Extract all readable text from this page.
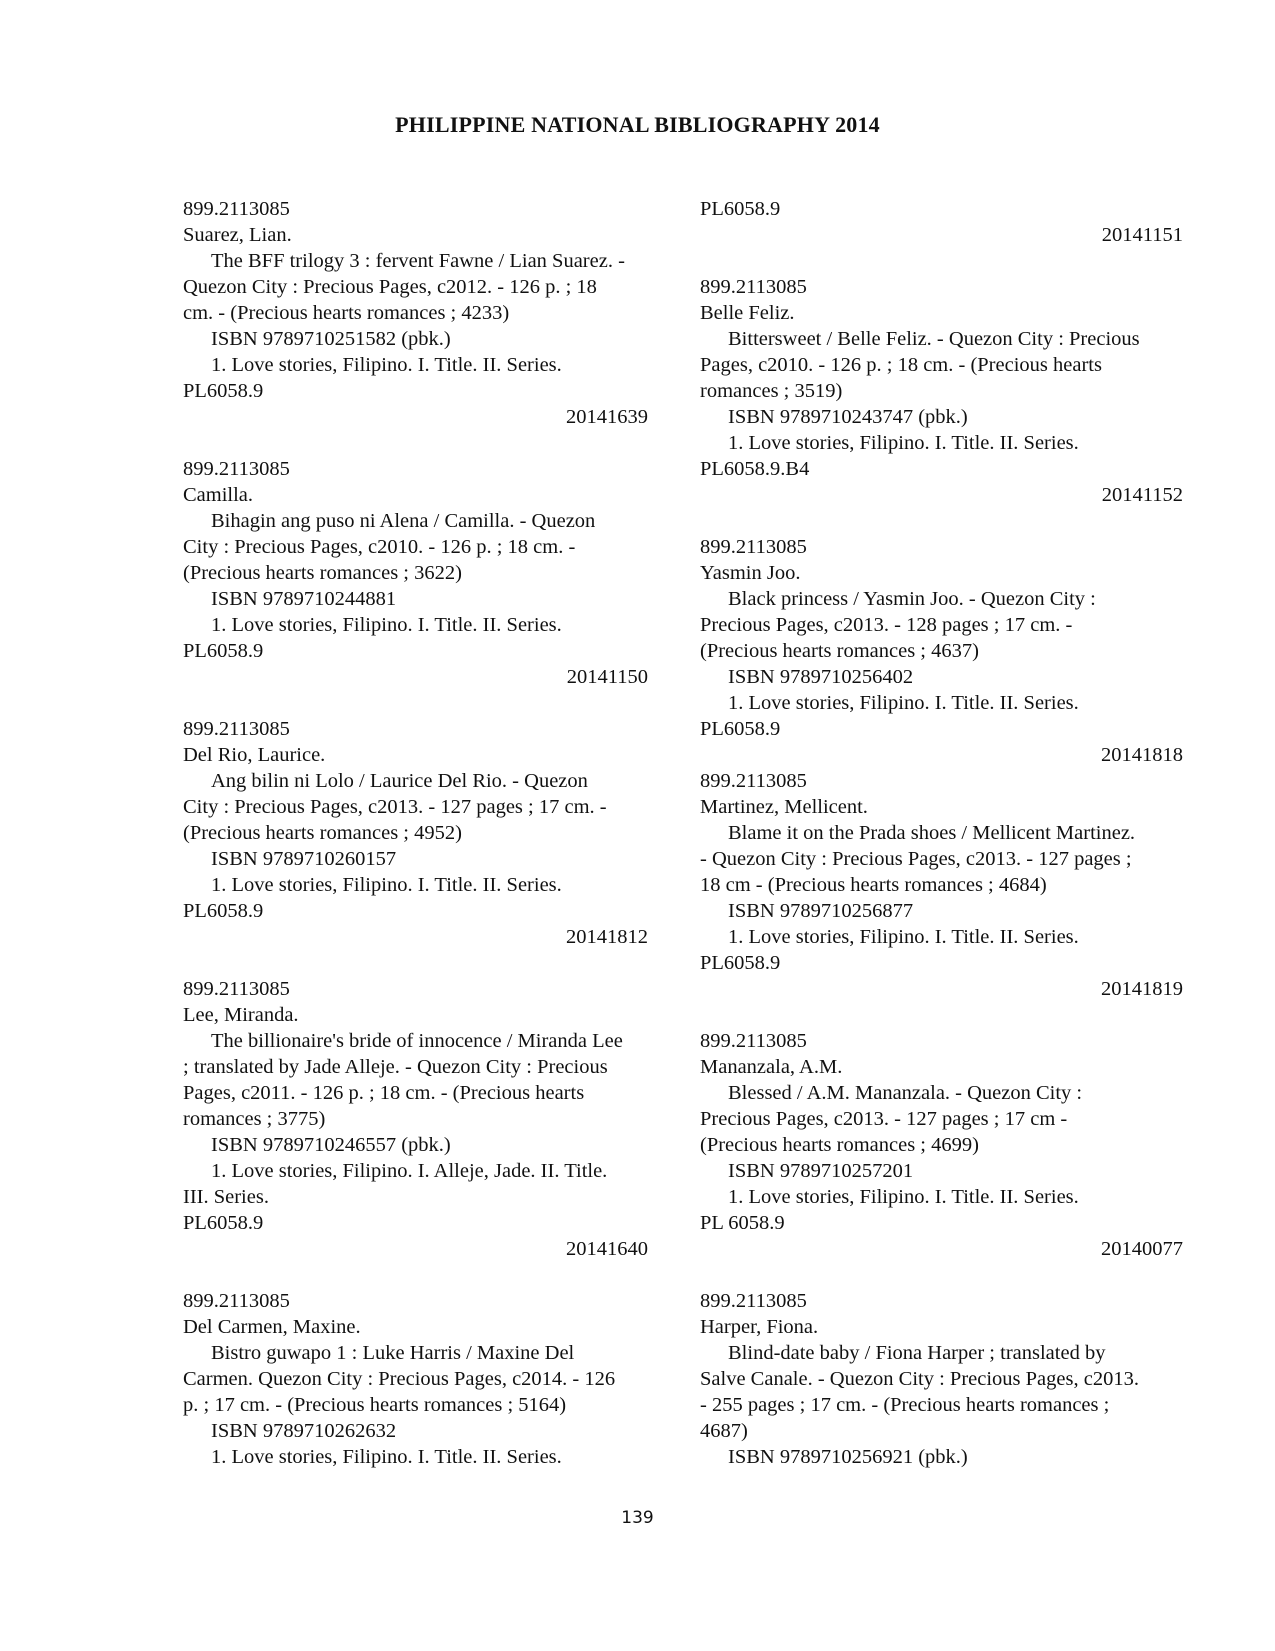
PHILIPPINE NATIONAL BIBLIOGRAPHY 2014
899.2113085
Suarez, Lian.
The BFF trilogy 3 : fervent Fawne / Lian Suarez. -
Quezon City : Precious Pages, c2012. - 126 p. ; 18
cm. - (Precious hearts romances ; 4233)
ISBN 9789710251582 (pbk.)
1. Love stories, Filipino. I. Title. II. Series.
PL6058.9
20141639
899.2113085
Camilla.
Bihagin ang puso ni Alena / Camilla. - Quezon
City : Precious Pages, c2010. - 126 p. ; 18 cm. -
(Precious hearts romances ; 3622)
ISBN 9789710244881
1. Love stories, Filipino. I. Title. II. Series.
PL6058.9
20141150
899.2113085
Del Rio, Laurice.
Ang bilin ni Lolo / Laurice Del Rio. - Quezon
City : Precious Pages, c2013. - 127 pages ; 17 cm. -
(Precious hearts romances ; 4952)
ISBN 9789710260157
1. Love stories, Filipino. I. Title. II. Series.
PL6058.9
20141812
899.2113085
Lee, Miranda.
The billionaire's bride of innocence / Miranda Lee
; translated by Jade Alleje. - Quezon City : Precious
Pages, c2011. - 126 p. ; 18 cm. - (Precious hearts
romances ; 3775)
ISBN 9789710246557 (pbk.)
1. Love stories, Filipino. I. Alleje, Jade. II. Title.
III. Series.
PL6058.9
20141640
899.2113085
Del Carmen, Maxine.
Bistro guwapo 1 : Luke Harris / Maxine Del
Carmen. Quezon City : Precious Pages, c2014. - 126
p. ; 17 cm. - (Precious hearts romances ; 5164)
ISBN 9789710262632
1. Love stories, Filipino. I. Title. II. Series.
PL6058.9
20141151
899.2113085
Belle Feliz.
Bittersweet / Belle Feliz. - Quezon City : Precious
Pages, c2010. - 126 p. ; 18 cm. - (Precious hearts
romances ; 3519)
ISBN 9789710243747 (pbk.)
1. Love stories, Filipino. I. Title. II. Series.
PL6058.9.B4
20141152
899.2113085
Yasmin Joo.
Black princess / Yasmin Joo. - Quezon City :
Precious Pages, c2013. - 128 pages ; 17 cm. -
(Precious hearts romances ; 4637)
ISBN 9789710256402
1. Love stories, Filipino. I. Title. II. Series.
PL6058.9
20141818
899.2113085
Martinez, Mellicent.
Blame it on the Prada shoes / Mellicent Martinez.
- Quezon City : Precious Pages, c2013. - 127 pages ;
18 cm - (Precious hearts romances ; 4684)
ISBN 9789710256877
1. Love stories, Filipino. I. Title. II. Series.
PL6058.9
20141819
899.2113085
Mananzala, A.M.
Blessed / A.M. Mananzala. - Quezon City :
Precious Pages, c2013. - 127 pages ; 17 cm -
(Precious hearts romances ; 4699)
ISBN 9789710257201
1. Love stories, Filipino. I. Title. II. Series.
PL 6058.9
20140077
899.2113085
Harper, Fiona.
Blind-date baby / Fiona Harper ; translated by
Salve Canale. - Quezon City : Precious Pages, c2013.
- 255 pages ; 17 cm. - (Precious hearts romances ;
4687)
ISBN 9789710256921 (pbk.)
139
